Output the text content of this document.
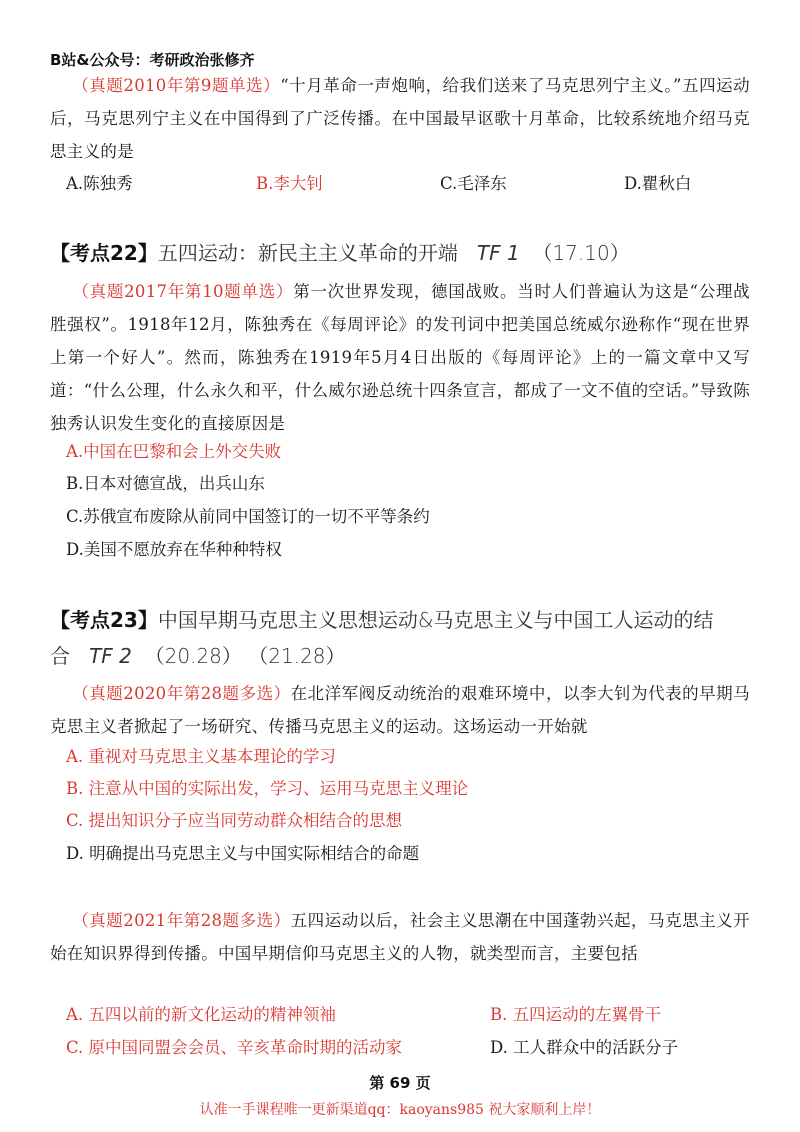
B站&公众号：考研政治张修齐
（真题2010年第9题单选）“十月革命一声炮响，给我们送来了马克思列宁主义。”五四运动后，马克思列宁主义在中国得到了广泛传播。在中国最早讴歌十月革命，比较系统地介绍马克思主义的是
A.陈独秀	B.李大钊	C.毛泽东	D.瞿秋白
【考点22】五四运动：新民主主义革命的开端 TF 1 （17.10）
（真题2017年第10题单选）第一次世界发现，德国战败。当时人们普遍认为这是“公理战胜强权”。1918年12月，陈独秀在《每周评论》的发刊词中把美国总统威尔逊称作“现在世界上第一个好人”。然而，陈独秀在1919年5月4日出版的《每周评论》上的一篇文章中又写道：“什么公理，什么永久和平，什么威尔逊总统十四条宣言，都成了一文不值的空话。”导致陈独秀认识发生变化的直接原因是
A.中国在巴黎和会上外交失败
B.日本对德宣战，出兵山东
C.苏俄宣布废除从前同中国签订的一切不平等条约
D.美国不愿放弃在华种种特权
【考点23】中国早期马克思主义思想运动&马克思主义与中国工人运动的结合 TF 2 （20.28） （21.28）
（真题2020年第28题多选）在北洋军阀反动统治的艰难环境中，以李大钊为代表的早期马克思主义者掀起了一场研究、传播马克思主义的运动。这场运动一开始就
A. 重视对马克思主义基本理论的学习
B. 注意从中国的实际出发，学习、运用马克思主义理论
C. 提出知识分子应当同劳动群众相结合的思想
D. 明确提出马克思主义与中国实际相结合的命题
（真题2021年第28题多选）五四运动以后，社会主义思潮在中国蓬勃兴起，马克思主义开始在知识界得到传播。中国早期信仰马克思主义的人物，就类型而言，主要包括
A. 五四以前的新文化运动的精神领袖	B. 五四运动的左翼骨干
C. 原中国同盟会会员、辛亥革命时期的活动家	D. 工人群众中的活跃分子
第 69 页
认准一手课程唯一更新渠道qq：kaoyans985 祝大家顺利上岸！
